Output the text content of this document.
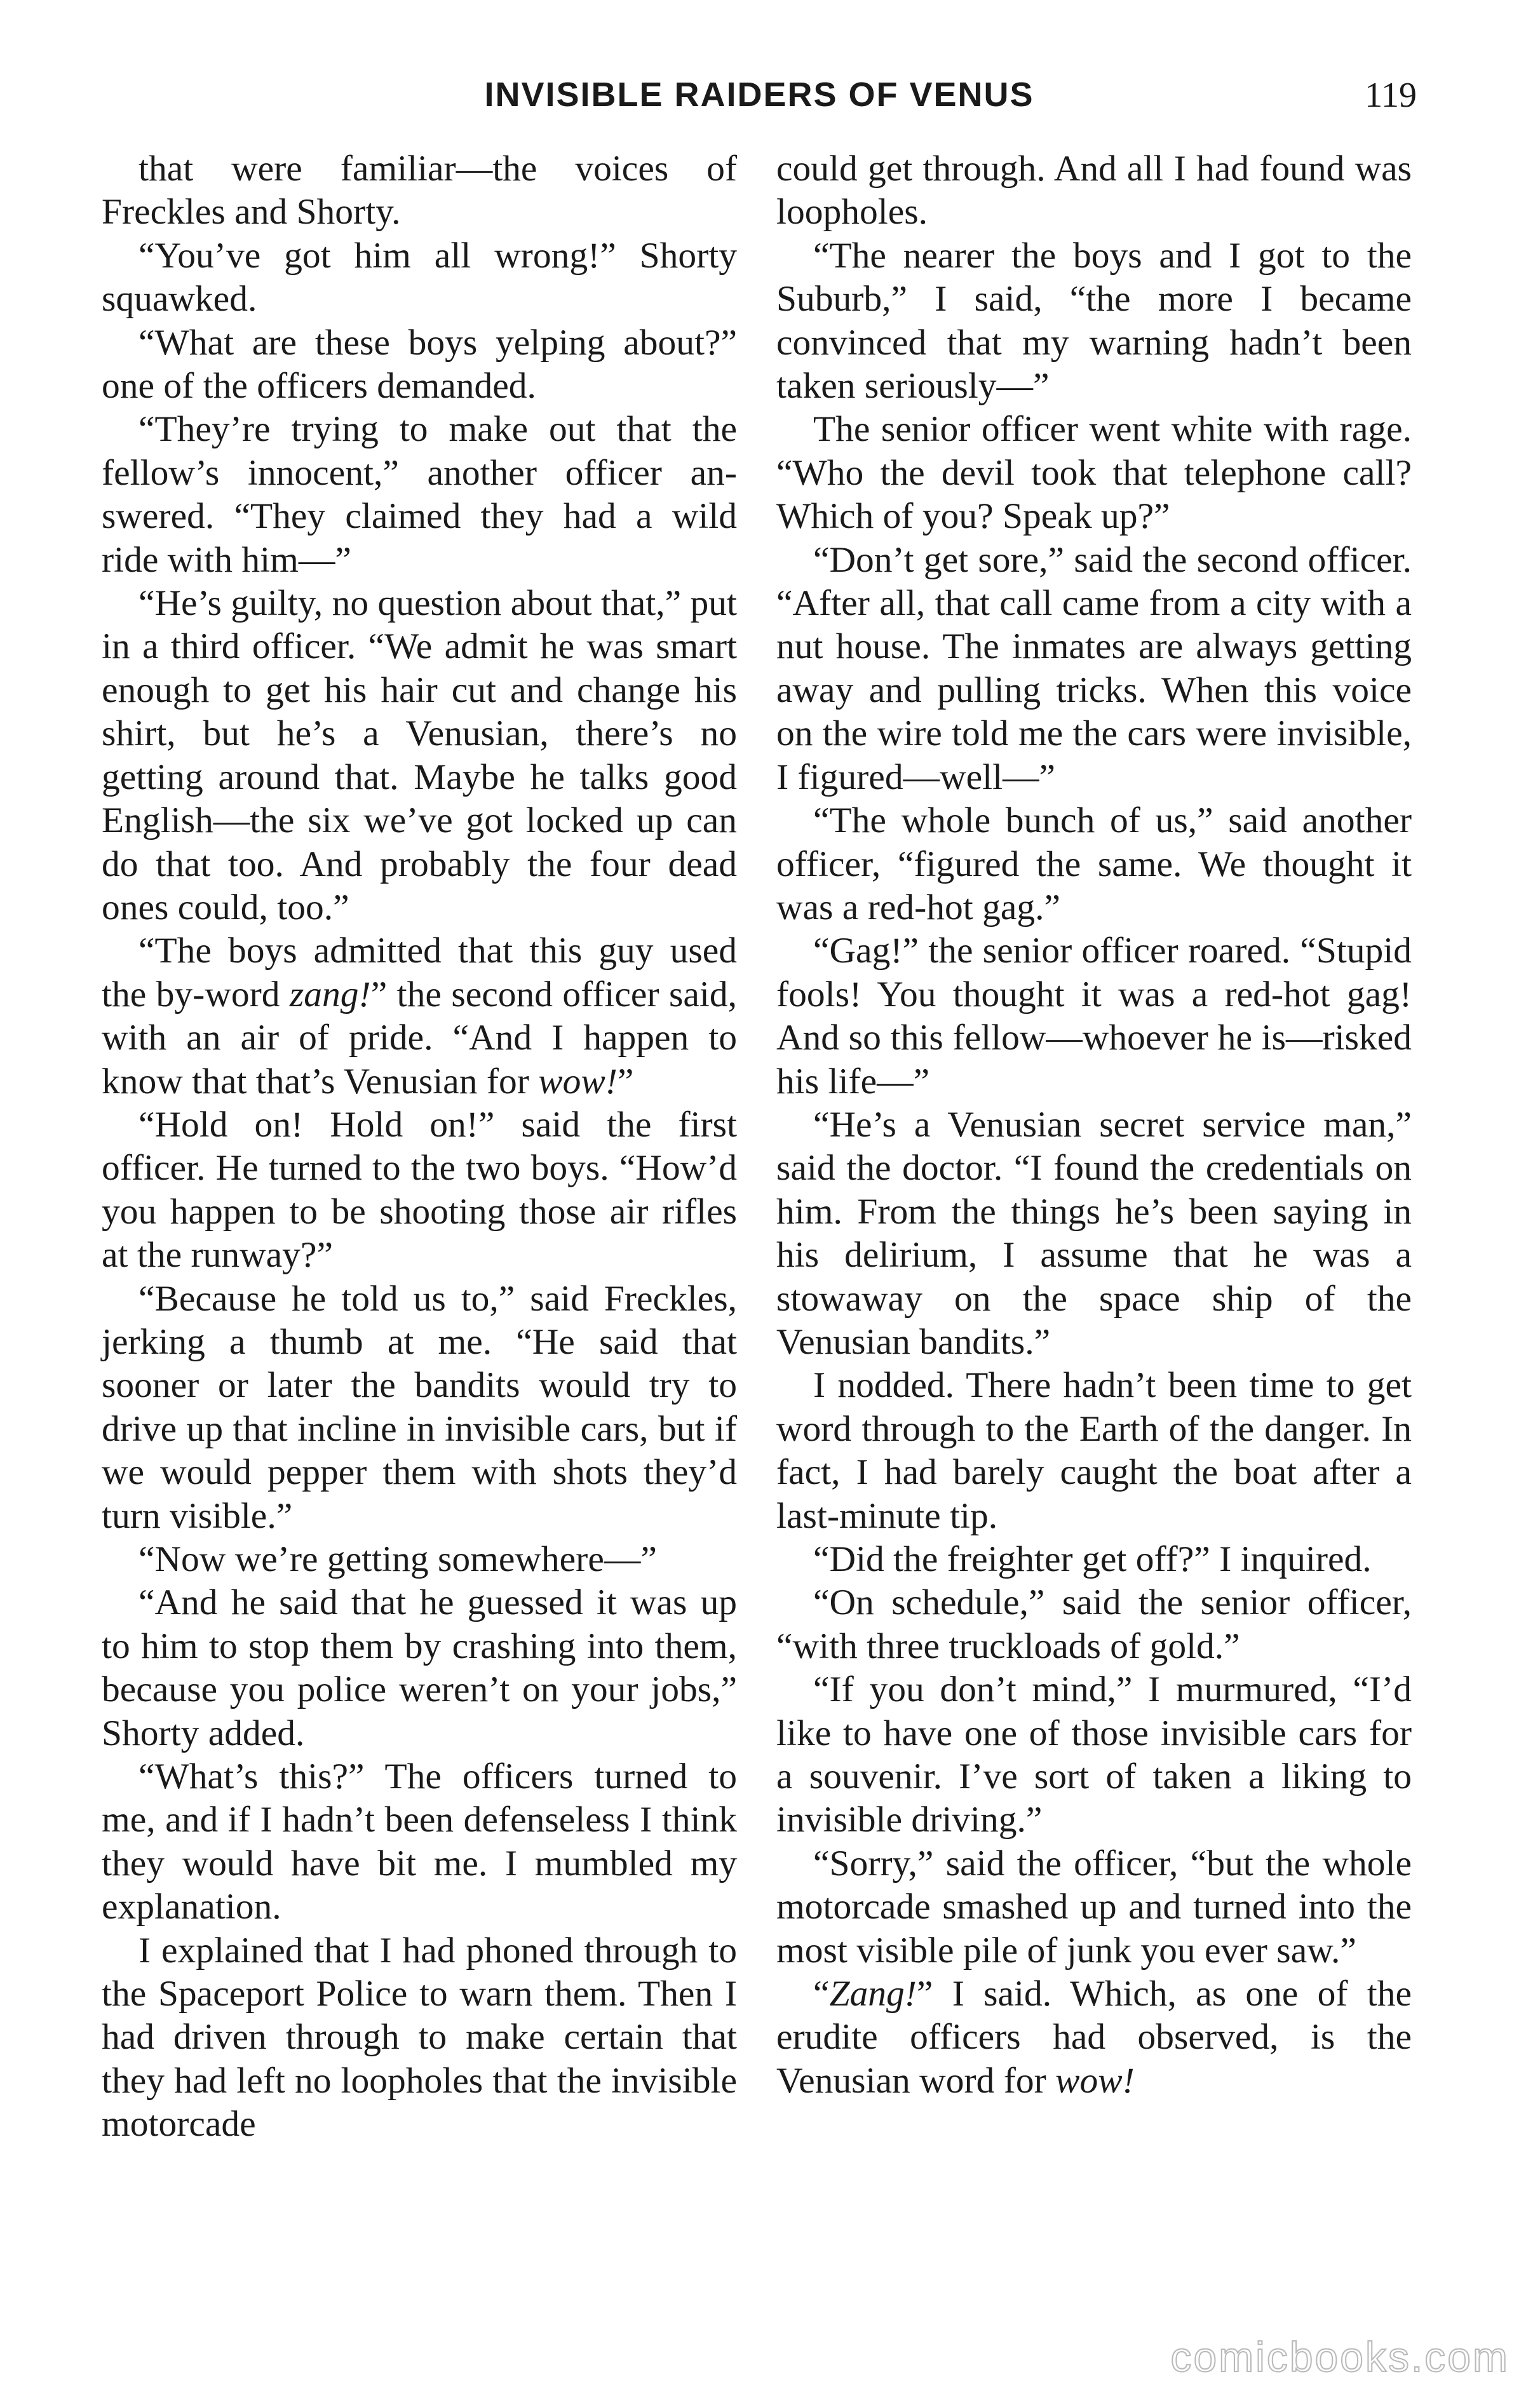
INVISIBLE RAIDERS OF VENUS	119

that were familiar—the voices of Freckles and Shorty.

“You’ve got him all wrong!” Shorty squawked.

“What are these boys yelping about?” one of the officers demanded.

“They’re trying to make out that the fellow’s innocent,” another officer answered. “They claimed they had a wild ride with him—”

“He’s guilty, no question about that,” put in a third officer. “We admit he was smart enough to get his hair cut and change his shirt, but he’s a Venusian, there’s no getting around that. Maybe he talks good English—the six we’ve got locked up can do that too. And probably the four dead ones could, too.”

“The boys admitted that this guy used the by-word zang!” the second officer said, with an air of pride. “And I happen to know that that’s Venusian for wow!”

“Hold on! Hold on!” said the first officer. He turned to the two boys. “How’d you happen to be shooting those air rifles at the runway?”

“Because he told us to,” said Freckles, jerking a thumb at me. “He said that sooner or later the bandits would try to drive up that incline in invisible cars, but if we would pepper them with shots they’d turn visible.”

“Now we’re getting somewhere—”

“And he said that he guessed it was up to him to stop them by crashing into them, because you police weren’t on your jobs,” Shorty added.

“What’s this?” The officers turned to me, and if I hadn’t been defenseless I think they would have bit me. I mumbled my explanation.

I explained that I had phoned through to the Spaceport Police to warn them. Then I had driven through to make certain that they had left no loopholes that the invisible motorcade

could get through. And all I had found was loopholes.

“The nearer the boys and I got to the Suburb,” I said, “the more I became convinced that my warning hadn’t been taken seriously—”

The senior officer went white with rage. “Who the devil took that telephone call? Which of you? Speak up?”

“Don’t get sore,” said the second officer. “After all, that call came from a city with a nut house. The inmates are always getting away and pulling tricks. When this voice on the wire told me the cars were invisible, I figured—well—”

“The whole bunch of us,” said another officer, “figured the same. We thought it was a red-hot gag.”

“Gag!” the senior officer roared. “Stupid fools! You thought it was a red-hot gag! And so this fellow—whoever he is—risked his life—”

“He’s a Venusian secret service man,” said the doctor. “I found the credentials on him. From the things he’s been saying in his delirium, I assume that he was a stowaway on the space ship of the Venusian bandits.”

I nodded. There hadn’t been time to get word through to the Earth of the danger. In fact, I had barely caught the boat after a last-minute tip.

“Did the freighter get off?” I inquired.

“On schedule,” said the senior officer, “with three truckloads of gold.”

“If you don’t mind,” I murmured, “I’d like to have one of those invisible cars for a souvenir. I’ve sort of taken a liking to invisible driving.”

“Sorry,” said the officer, “but the whole motorcade smashed up and turned into the most visible pile of junk you ever saw.”

“Zang!” I said. Which, as one of the erudite officers had observed, is the Venusian word for wow!

comicbooks.com
